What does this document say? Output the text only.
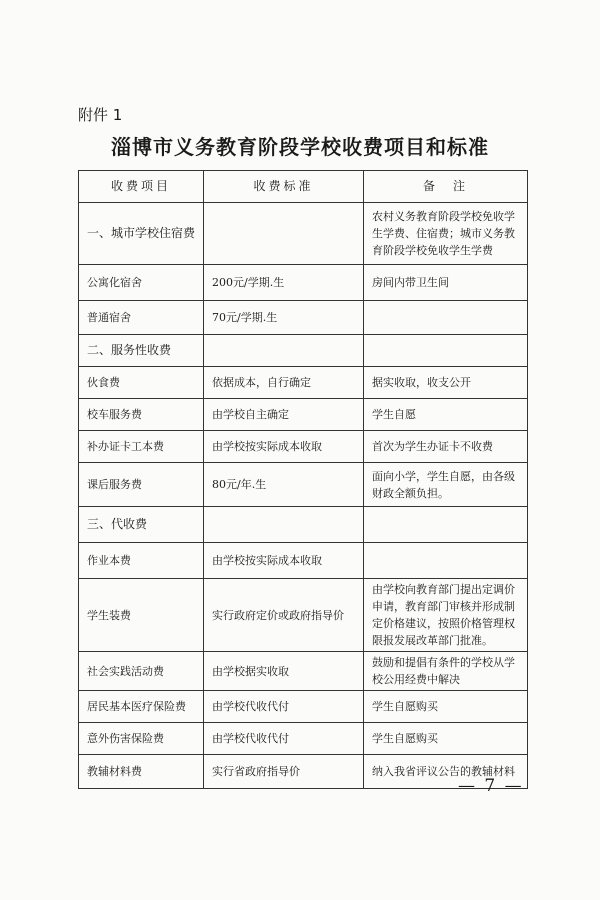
附件 1
淄博市义务教育阶段学校收费项目和标准
收费项目	收费标准	备　注
一、城市学校住宿费		农村义务教育阶段学校免收学生学费、住宿费；城市义务教育阶段学校免收学生学费
公寓化宿舍	200元/学期.生	房间内带卫生间
普通宿舍	70元/学期.生	
二、服务性收费		
伙食费	依据成本，自行确定	据实收取，收支公开
校车服务费	由学校自主确定	学生自愿
补办证卡工本费	由学校按实际成本收取	首次为学生办证卡不收费
课后服务费	80元/年.生	面向小学，学生自愿，由各级财政全额负担。
三、代收费		
作业本费	由学校按实际成本收取	
学生装费	实行政府定价或政府指导价	由学校向教育部门提出定调价申请，教育部门审核并形成制定价格建议，按照价格管理权限报发展改革部门批准。
社会实践活动费	由学校据实收取	鼓励和提倡有条件的学校从学校公用经费中解决
居民基本医疗保险费	由学校代收代付	学生自愿购买
意外伤害保险费	由学校代收代付	学生自愿购买
教辅材料费	实行省政府指导价	纳入我省评议公告的教辅材料
— 7 —
